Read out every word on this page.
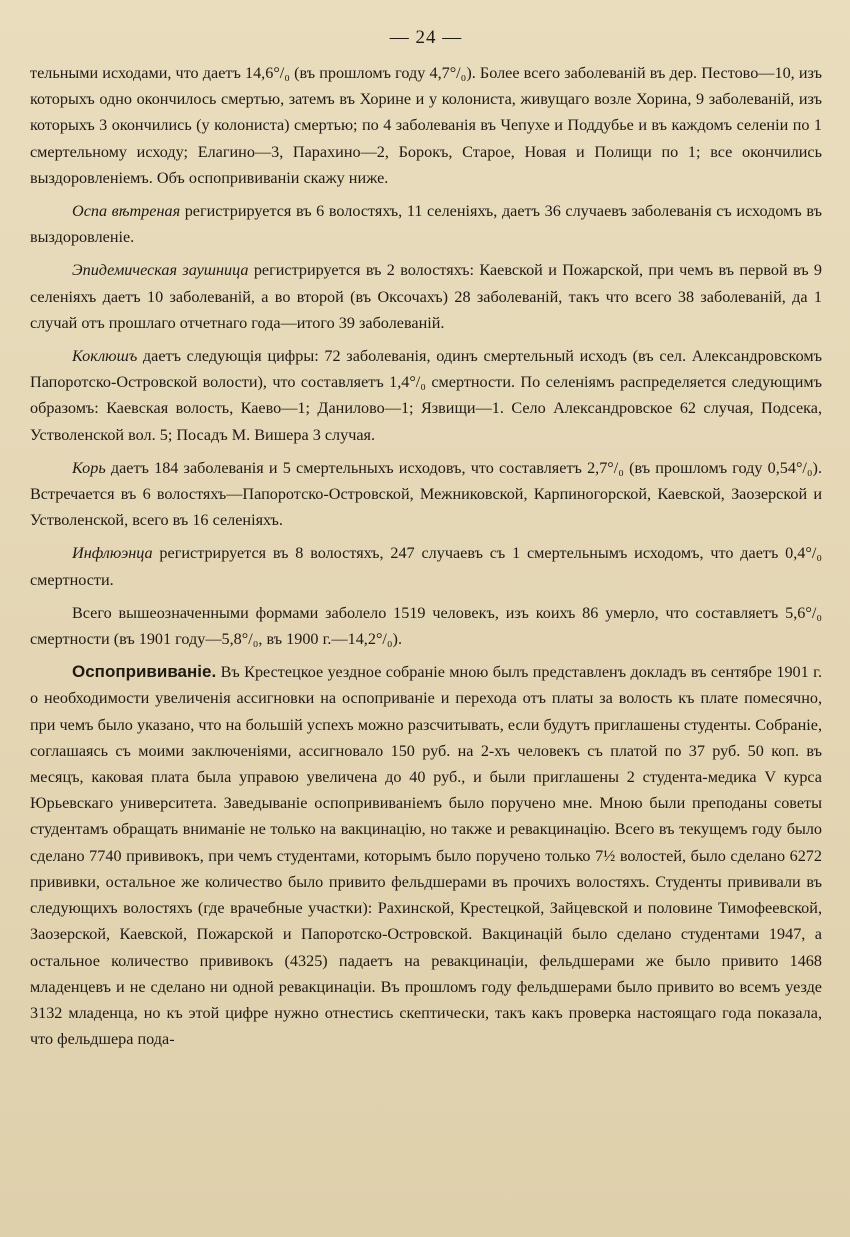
— 24 —

тельными исходами, что даетъ 14,6°/₀ (въ прошломъ году 4,7°/₀). Более всего заболеваній въ дер. Пестово—10, изъ которыхъ одно окончилось смертью, затемъ въ Хорине и у колониста, живущаго возле Хорина, 9 заболеваній, изъ которыхъ 3 окончились (у колониста) смертью; по 4 заболеванія въ Чепухе и Поддубье и въ каждомъ селеніи по 1 смертельному исходу; Елагино—3, Парахино—2, Борокъ, Старое, Новая и Полищи по 1; все окончились выздоровленіемъ. Объ оспопрививаніи скажу ниже.

Оспа вѣтреная регистрируется въ 6 волостяхъ, 11 селеніяхъ, даетъ 36 случаевъ заболеванія съ исходомъ въ выздоровленіе.

Эпидемическая заушница регистрируется въ 2 волостяхъ: Каевской и Пожарской, при чемъ въ первой въ 9 селеніяхъ даетъ 10 заболеваній, а во второй (въ Оксочахъ) 28 заболеваній, такъ что всего 38 заболеваній, да 1 случай отъ прошлаго отчетнаго года—итого 39 заболеваній.

Коклюшъ даетъ следующія цифры: 72 заболеванія, одинъ смертельный исходъ (въ сел. Александровскомъ Папоротско-Островской волости), что составляетъ 1,4°/₀ смертности. По селеніямъ распределяется следующимъ образомъ: Каевская волость, Каево—1; Данилово—1; Язвищи—1. Село Александровское 62 случая, Подсека, Устволенской вол. 5; Посадъ М. Вишера 3 случая.

Корь даетъ 184 заболеванія и 5 смертельныхъ исходовъ, что составляетъ 2,7°/₀ (въ прошломъ году 0,54°/₀). Встречается въ 6 волостяхъ—Папоротско-Островской, Межниковской, Карпиногорской, Каевской, Заозерской и Устволенской, всего въ 16 селеніяхъ.

Инфлюэнца регистрируется въ 8 волостяхъ, 247 случаевъ съ 1 смертельнымъ исходомъ, что даетъ 0,4°/₀ смертности.

Всего вышеозначенными формами заболело 1519 человекъ, изъ коихъ 86 умерло, что составляетъ 5,6°/₀ смертности (въ 1901 году—5,8°/₀, въ 1900 г.—14,2°/₀).

Оспопрививаніе. Въ Крестецкое уездное собраніе мною былъ представленъ докладъ въ сентябре 1901 г. о необходимости увеличенія ассигновки на оспоприваніе и перехода отъ платы за волость къ плате помесячно, при чемъ было указано, что на большій успехъ можно разсчитывать, если будутъ приглашены студенты. Собраніе, соглашаясь съ моими заключеніями, ассигновало 150 руб. на 2-хъ человекъ съ платой по 37 руб. 50 коп. въ месяцъ, каковая плата была управою увеличена до 40 руб., и были приглашены 2 студента-медика V курса Юрьевскаго университета. Заведываніе оспопрививаніемъ было поручено мне. Мною были преподаны советы студентамъ обращать вниманіе не только на вакцинацію, но также и ревакцинацію. Всего въ текущемъ году было сделано 7740 прививокъ, при чемъ студентами, которымъ было поручено только 7½ волостей, было сделано 6272 прививки, остальное же количество было привито фельдшерами въ прочихъ волостяхъ. Студенты прививали въ следующихъ волостяхъ (где врачебные участки): Рахинской, Крестецкой, Зайцевской и половине Тимофеевской, Заозерской, Каевской, Пожарской и Папоротско-Островской. Вакцинацій было сделано студентами 1947, а остальное количество прививокъ (4325) падаетъ на ревакцинаціи, фельдшерами же было привито 1468 младенцевъ и не сделано ни одной ревакцинаціи. Въ прошломъ году фельдшерами было привито во всемъ уезде 3132 младенца, но къ этой цифре нужно отнестись скептически, такъ какъ проверка настоящаго года показала, что фельдшера пода-
